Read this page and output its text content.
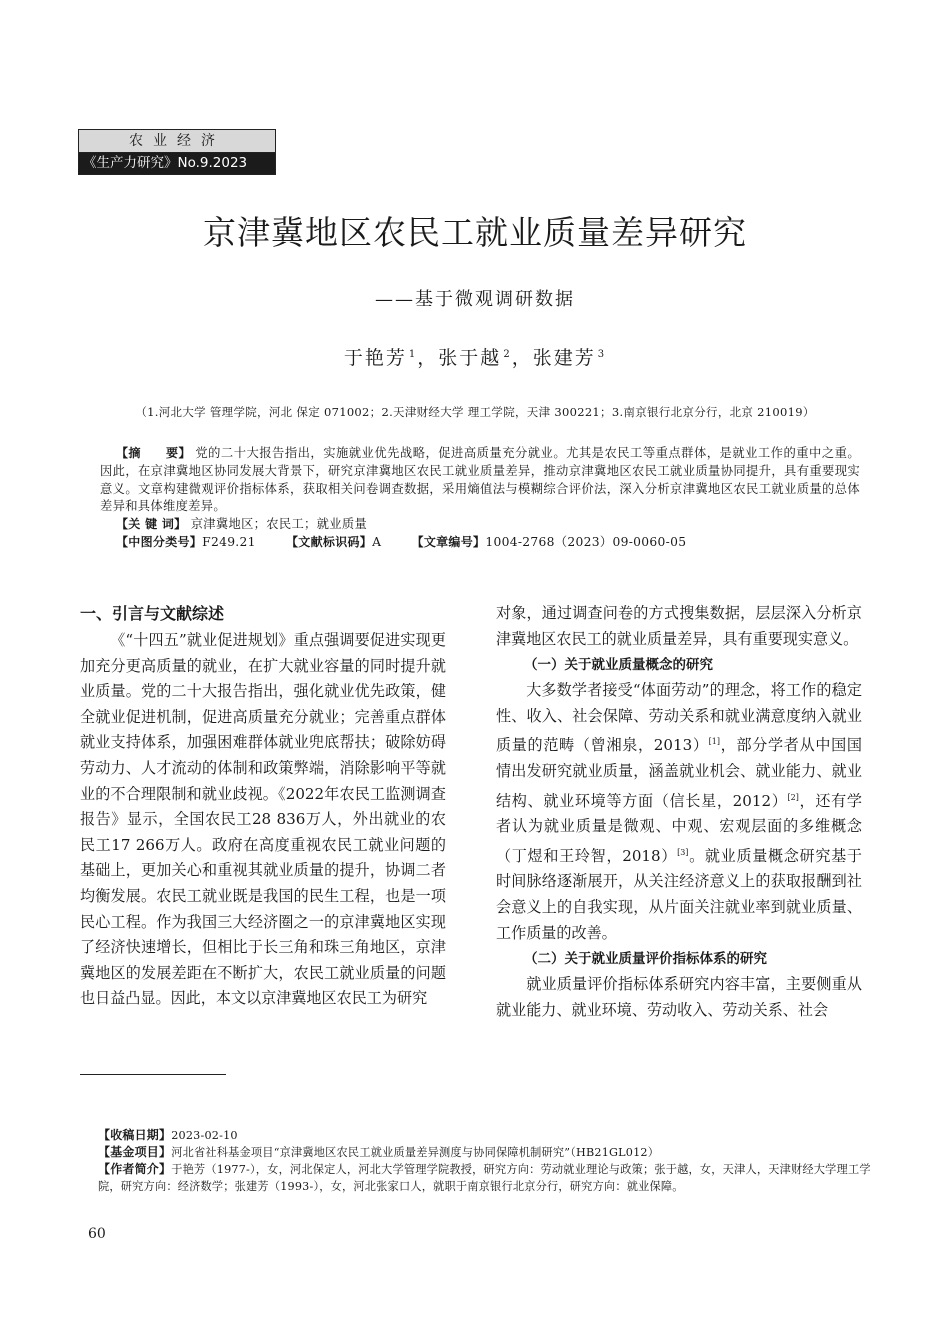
农业经济
《生产力研究》No.9.2023
京津冀地区农民工就业质量差异研究
——基于微观调研数据
于艳芳 $^1$，张于越 $^2$，张建芳 $^3$
（1.河北大学 管理学院，河北 保定 071002；2.天津财经大学 理工学院，天津 300221；3.南京银行北京分行，北京 210019）

【摘　　要】 党的二十大报告指出，实施就业优先战略，促进高质量充分就业。尤其是农民工等重点群体，是就业工作的重中之重。因此，在京津冀地区协同发展大背景下，研究京津冀地区农民工就业质量差异，推动京津冀地区农民工就业质量协同提升，具有重要现实意义。文章构建微观评价指标体系，获取相关问卷调查数据，采用熵值法与模糊综合评价法，深入分析京津冀地区农民工就业质量的总体差异和具体维度差异。

【关 键 词】 京津冀地区；农民工；就业质量

【中图分类号】F249.21	【文献标识码】A	【文章编号】1004-2768（2023）09-0060-05

一、引言与文献综述

《“十四五”就业促进规划》重点强调要促进实现更加充分更高质量的就业，在扩大就业容量的同时提升就业质量。党的二十大报告指出，强化就业优先政策，健全就业促进机制，促进高质量充分就业；完善重点群体就业支持体系，加强困难群体就业兜底帮扶；破除妨碍劳动力、人才流动的体制和政策弊端，消除影响平等就业的不合理限制和就业歧视。《2022年农民工监测调查报告》显示，全国农民工28 836万人，外出就业的农民工17 266万人。政府在高度重视农民工就业问题的基础上，更加关心和重视其就业质量的提升，协调二者均衡发展。农民工就业既是我国的民生工程，也是一项民心工程。作为我国三大经济圈之一的京津冀地区实现了经济快速增长，但相比于长三角和珠三角地区，京津冀地区的发展差距在不断扩大，农民工就业质量的问题也日益凸显。因此，本文以京津冀地区农民工为研究

对象，通过调查问卷的方式搜集数据，层层深入分析京津冀地区农民工的就业质量差异，具有重要现实意义。

（一）关于就业质量概念的研究

大多数学者接受“体面劳动”的理念，将工作的稳定性、收入、社会保障、劳动关系和就业满意度纳入就业质量的范畴（曾湘泉，2013）[1]，部分学者从中国国情出发研究就业质量，涵盖就业机会、就业能力、就业结构、就业环境等方面（信长星，2012）[2]，还有学者认为就业质量是微观、中观、宏观层面的多维概念（丁煜和王玲智，2018）[3]。就业质量概念研究基于时间脉络逐渐展开，从关注经济意义上的获取报酬到社会意义上的自我实现，从片面关注就业率到就业质量、工作质量的改善。

（二）关于就业质量评价指标体系的研究

就业质量评价指标体系研究内容丰富，主要侧重从就业能力、就业环境、劳动收入、劳动关系、社会

【收稿日期】2023-02-10

【基金项目】河北省社科基金项目“京津冀地区农民工就业质量差异测度与协同保障机制研究”（HB21GL012）

【作者简介】于艳芳（1977-），女，河北保定人，河北大学管理学院教授，研究方向：劳动就业理论与政策；张于越，女，天津人，天津财经大学理工学院，研究方向：经济数学；张建芳（1993-），女，河北张家口人，就职于南京银行北京分行，研究方向：就业保障。

60
